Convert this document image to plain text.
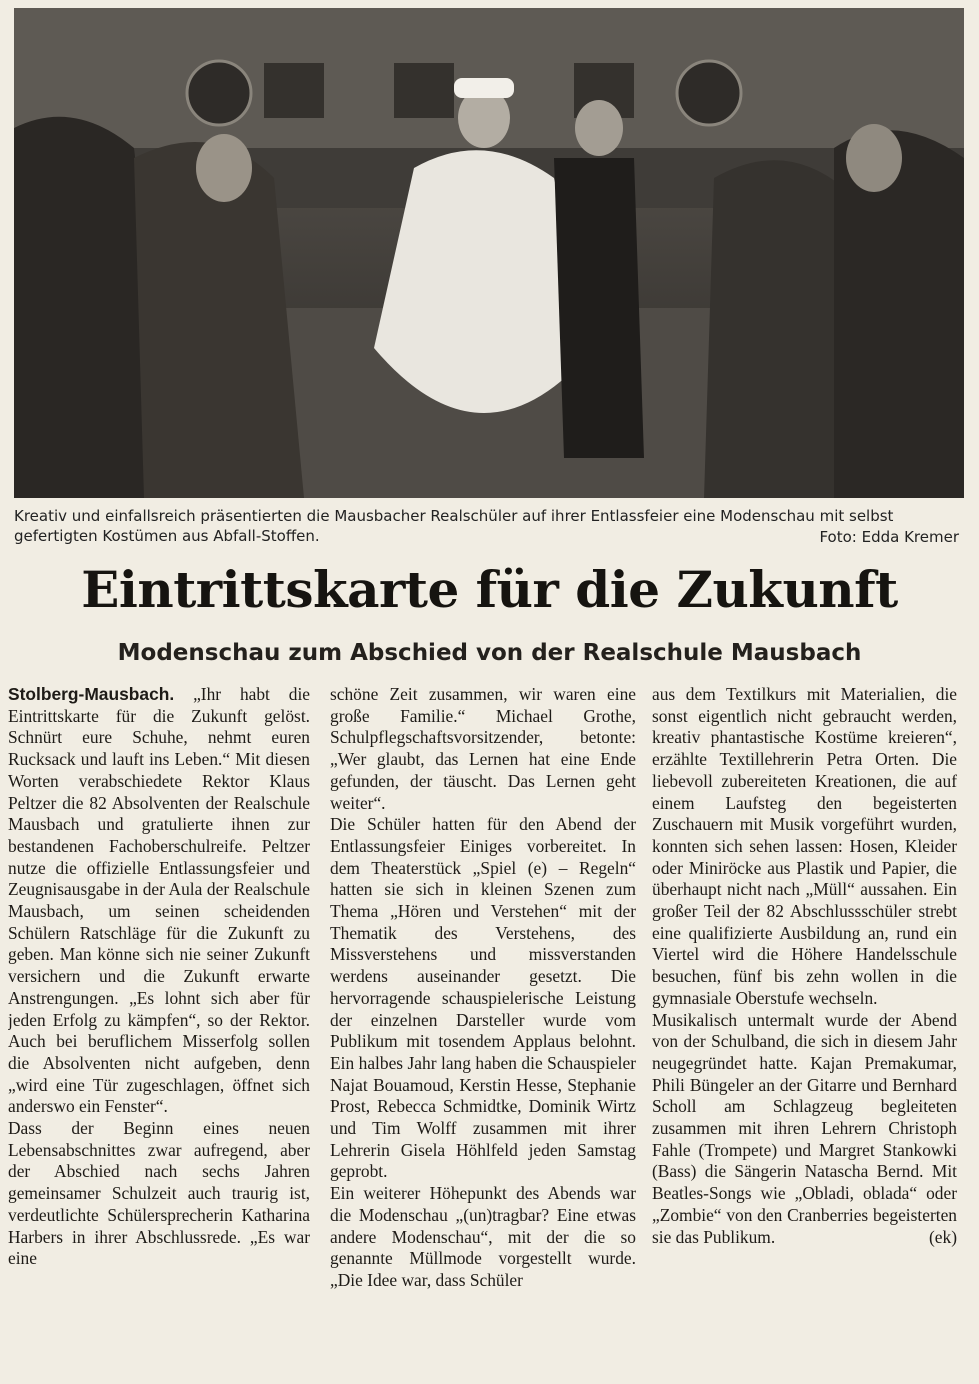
Kreativ und einfallsreich präsentierten die Mausbacher Realschüler auf ihrer Entlassfeier eine Modenschau mit selbst gefertigten Kostümen aus Abfall-Stoffen.	Foto: Edda Kremer
Eintrittskarte für die Zukunft
Modenschau zum Abschied von der Realschule Mausbach

Stolberg-Mausbach. „Ihr habt die Eintrittskarte für die Zukunft gelöst. Schnürt eure Schuhe, nehmt euren Rucksack und lauft ins Leben.“ Mit diesen Worten verabschiedete Rektor Klaus Peltzer die 82 Absolventen der Realschule Mausbach und gratulierte ihnen zur bestandenen Fachoberschulreife. Peltzer nutze die offizielle Entlassungsfeier und Zeugnisausgabe in der Aula der Realschule Mausbach, um seinen scheidenden Schülern Ratschläge für die Zukunft zu geben. Man könne sich nie seiner Zukunft versichern und die Zukunft erwarte Anstrengungen. „Es lohnt sich aber für jeden Erfolg zu kämpfen“, so der Rektor. Auch bei beruflichem Misserfolg sollen die Absolventen nicht aufgeben, denn „wird eine Tür zugeschlagen, öffnet sich anderswo ein Fenster“.

Dass der Beginn eines neuen Lebensabschnittes zwar aufregend, aber der Abschied nach sechs Jahren gemeinsamer Schulzeit auch traurig ist, verdeutlichte Schülersprecherin Katharina Harbers in ihrer Abschlussrede. „Es war eine

schöne Zeit zusammen, wir waren eine große Familie.“ Michael Grothe, Schulpflegschaftsvorsitzender, betonte: „Wer glaubt, das Lernen hat eine Ende gefunden, der täuscht. Das Lernen geht weiter“.

Die Schüler hatten für den Abend der Entlassungsfeier Einiges vorbereitet. In dem Theaterstück „Spiel (e) – Regeln“ hatten sie sich in kleinen Szenen zum Thema „Hören und Verstehen“ mit der Thematik des Verstehens, des Missverstehens und missverstanden werdens auseinander gesetzt. Die hervorragende schauspielerische Leistung der einzelnen Darsteller wurde vom Publikum mit tosendem Applaus belohnt. Ein halbes Jahr lang haben die Schauspieler Najat Bouamoud, Kerstin Hesse, Stephanie Prost, Rebecca Schmidtke, Dominik Wirtz und Tim Wolff zusammen mit ihrer Lehrerin Gisela Höhlfeld jeden Samstag geprobt.

Ein weiterer Höhepunkt des Abends war die Modenschau „(un)tragbar? Eine etwas andere Modenschau“, mit der die so genannte Müllmode vorgestellt wurde. „Die Idee war, dass Schüler

aus dem Textilkurs mit Materialien, die sonst eigentlich nicht gebraucht werden, kreativ phantastische Kostüme kreieren“, erzählte Textillehrerin Petra Orten. Die liebevoll zubereiteten Kreationen, die auf einem Laufsteg den begeisterten Zuschauern mit Musik vorgeführt wurden, konnten sich sehen lassen: Hosen, Kleider oder Miniröcke aus Plastik und Papier, die überhaupt nicht nach „Müll“ aussahen. Ein großer Teil der 82 Abschlussschüler strebt eine qualifizierte Ausbildung an, rund ein Viertel wird die Höhere Handelsschule besuchen, fünf bis zehn wollen in die gymnasiale Oberstufe wechseln.

Musikalisch untermalt wurde der Abend von der Schulband, die sich in diesem Jahr neugegründet hatte. Kajan Premakumar, Phili Büngeler an der Gitarre und Bernhard Scholl am Schlagzeug begleiteten zusammen mit ihren Lehrern Christoph Fahle (Trompete) und Margret Stankowki (Bass) die Sängerin Natascha Bernd. Mit Beatles-Songs wie „Obladi, oblada“ oder „Zombie“ von den Cranberries begeisterten sie das Publikum.	(ek)
